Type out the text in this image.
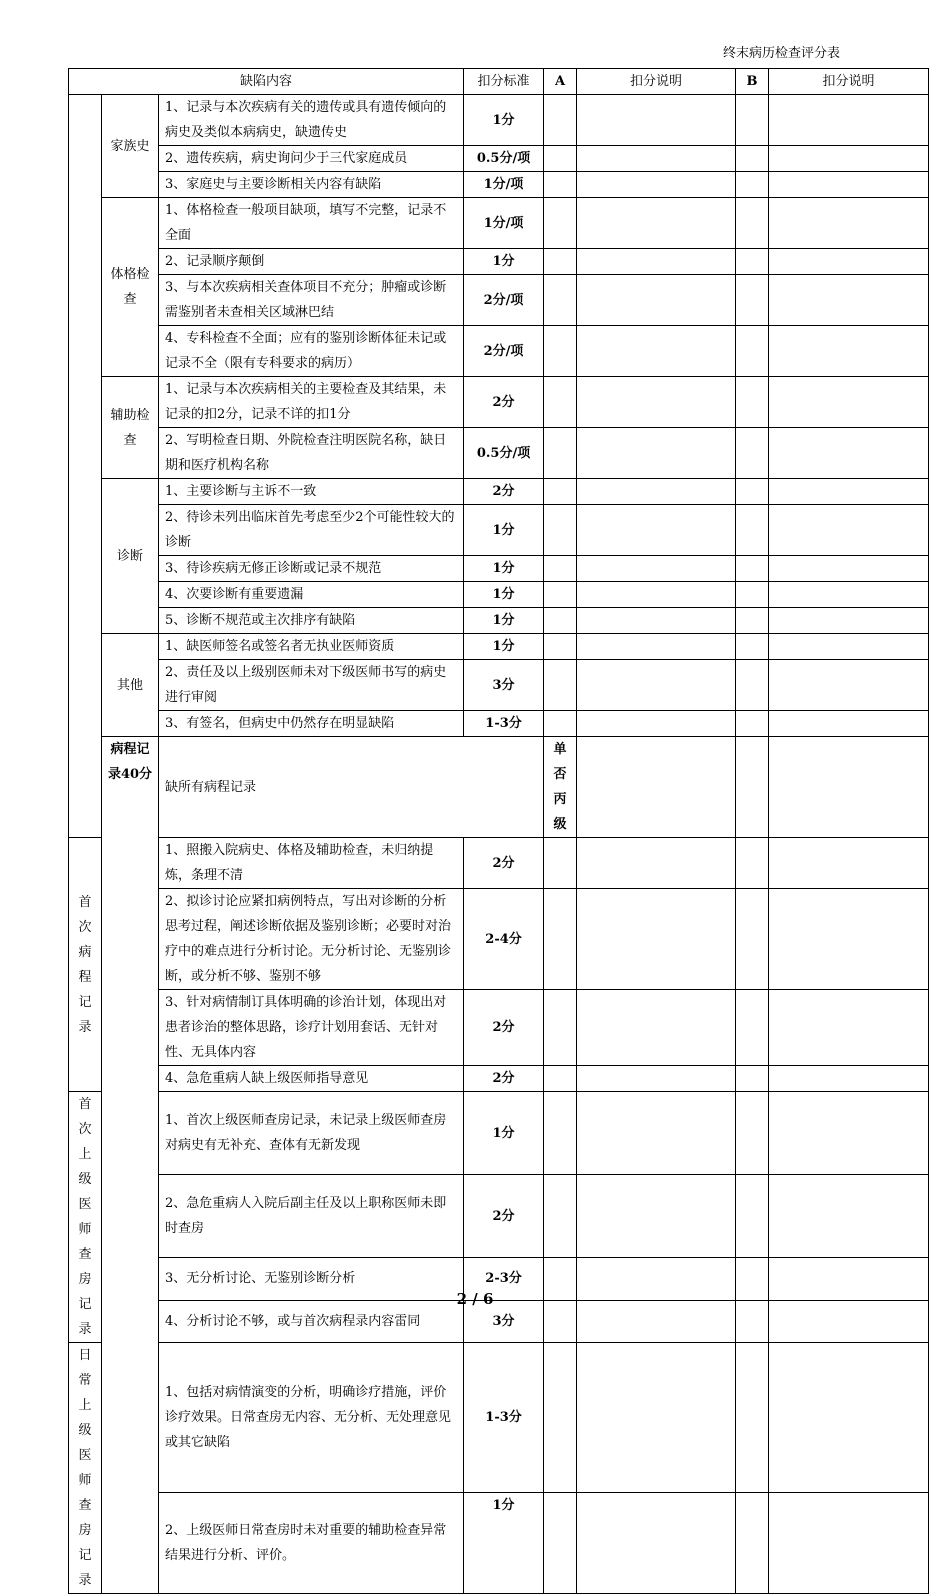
终末病历检查评分表
缺陷内容			扣分标准	A	扣分说明	B	扣分说明	
	家族史	1、记录与本次疾病有关的遗传或具有遗传倾向的病史及类似本病病史，缺遗传史	1分					
		2、遗传疾病，病史询问少于三代家庭成员	0.5分/项					
		3、家庭史与主要诊断相关内容有缺陷	1分/项					
	体格检查	1、体格检查一般项目缺项，填写不完整，记录不全面	1分/项					
		2、记录顺序颠倒	1分					
		3、与本次疾病相关查体项目不充分；肿瘤或诊断需鉴别者未查相关区域淋巴结	2分/项					
		4、专科检查不全面；应有的鉴别诊断体征未记或记录不全（限有专科要求的病历）	2分/项					
	辅助检查	1、记录与本次疾病相关的主要检查及其结果，未记录的扣2分，记录不详的扣1分	2分					
		2、写明检查日期、外院检查注明医院名称，缺日期和医疗机构名称	0.5分/项					
	诊断	1、主要诊断与主诉不一致	2分					
		2、待诊未列出临床首先考虑至少2个可能性较大的诊断	1分					
		3、待诊疾病无修正诊断或记录不规范	1分					
		4、次要诊断有重要遗漏	1分					
		5、诊断不规范或主次排序有缺陷	1分					
	其他	1、缺医师签名或签名者无执业医师资质	1分					
		2、责任及以上级别医师未对下级医师书写的病史进行审阅	3分					
		3、有签名，但病史中仍然存在明显缺陷	1-3分					
	病程记录40分	缺所有病程记录		单否丙级				
首次病程记录		1、照搬入院病史、体格及辅助检查，未归纳提炼，条理不清	2分					
		2、拟诊讨论应紧扣病例特点，写出对诊断的分析思考过程，阐述诊断依据及鉴别诊断；必要时对治疗中的难点进行分析讨论。无分析讨论、无鉴别诊断，或分析不够、鉴别不够	2-4分					
		3、针对病情制订具体明确的诊治计划，体现出对患者诊治的整体思路，诊疗计划用套话、无针对性、无具体内容	2分					
		4、急危重病人缺上级医师指导意见	2分					
首次上级医师查房记录		1、首次上级医师查房记录，未记录上级医师查房对病史有无补充、查体有无新发现	1分					
		2、急危重病人入院后副主任及以上职称医师未即时查房	2分					
		3、无分析讨论、无鉴别诊断分析	2-3分					
		4、分析讨论不够，或与首次病程录内容雷同	3分					
日常上级医师查房记录		1、包括对病情演变的分析，明确诊疗措施，评价诊疗效果。日常查房无内容、无分析、无处理意见或其它缺陷	1-3分					
		2、上级医师日常查房时未对重要的辅助检查异常结果进行分析、评价。	1分					
2 / 6
